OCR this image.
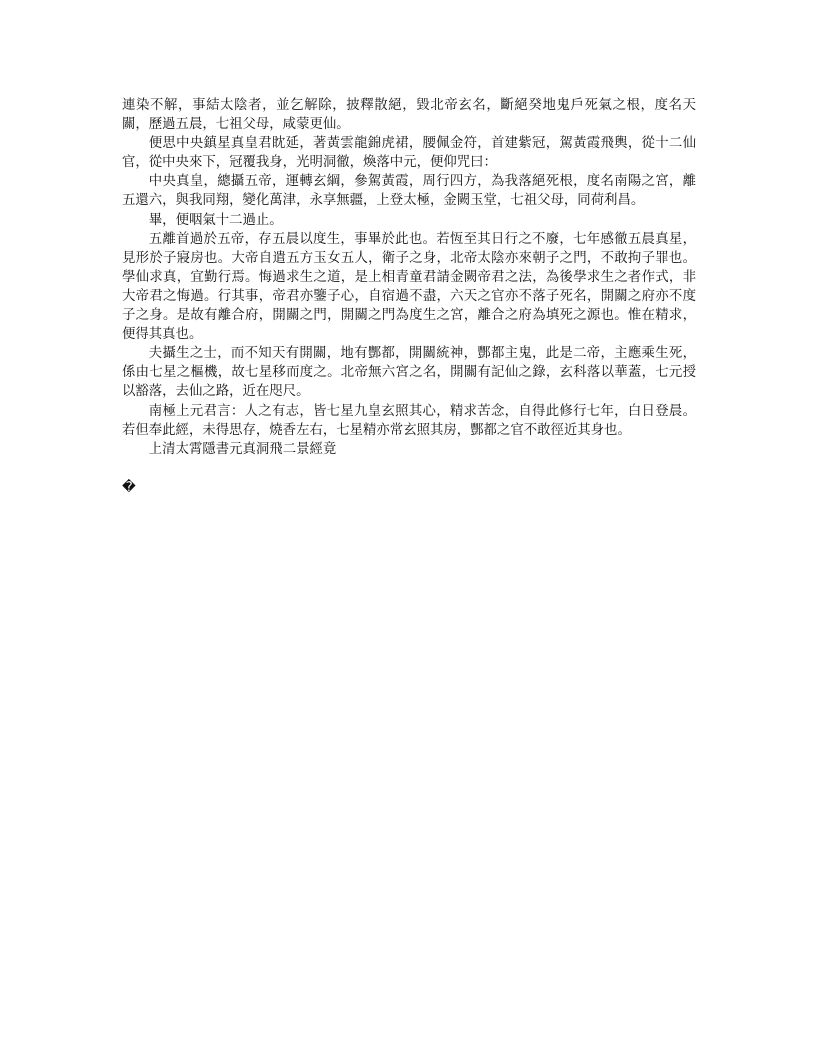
連染不解，事結太陰者，並乞解除，披釋散絕，毀北帝玄名，斷絕癸地鬼戶死氣之根，度名天關，歷過五晨，七祖父母，咸蒙更仙。

便思中央鎮星真皇君眈延，著黃雲龍錦虎裙，腰佩金符，首建紫冠，駕黃霞飛輿，從十二仙官，從中央來下，冠覆我身，光明洞徹，煥落中元，便仰咒曰：

中央真皇，總攝五帝，運轉玄綱，參駕黃霞，周行四方，為我落絕死根，度名南陽之宮，離五還六，與我同翔，變化萬津，永享無疆，上登太極，金闕玉堂，七祖父母，同荷利昌。

畢，便咽氣十二過止。

五離首過於五帝，存五晨以度生，事畢於此也。若恆至其日行之不廢，七年感徹五晨真星，見形於子寢房也。大帝自遣五方玉女五人，衛子之身，北帝太陰亦來朝子之門，不敢拘子罪也。學仙求真，宜勤行焉。悔過求生之道，是上相青童君請金闕帝君之法，為後學求生之者作式，非大帝君之悔過。行其事，帝君亦鑒子心，自宿過不盡，六天之官亦不落子死名，開關之府亦不度子之身。是故有離合府，開關之門，開關之門為度生之宮，離合之府為填死之源也。惟在精求，便得其真也。

夫攝生之士，而不知天有開關，地有酆都，開關統神，酆都主鬼，此是二帝，主應乘生死，係由七星之樞機，故七星移而度之。北帝無六宮之名，開關有記仙之錄，玄科落以華蓋，七元授以豁落，去仙之路，近在咫尺。

南極上元君言：人之有志，皆七星九皇玄照其心，精求苦念，自得此修行七年，白日登晨。若但奉此經，未得思存，燒香左右，七星精亦常玄照其房，酆都之官不敢徑近其身也。

上清太霄隱書元真洞飛二景經竟

�
